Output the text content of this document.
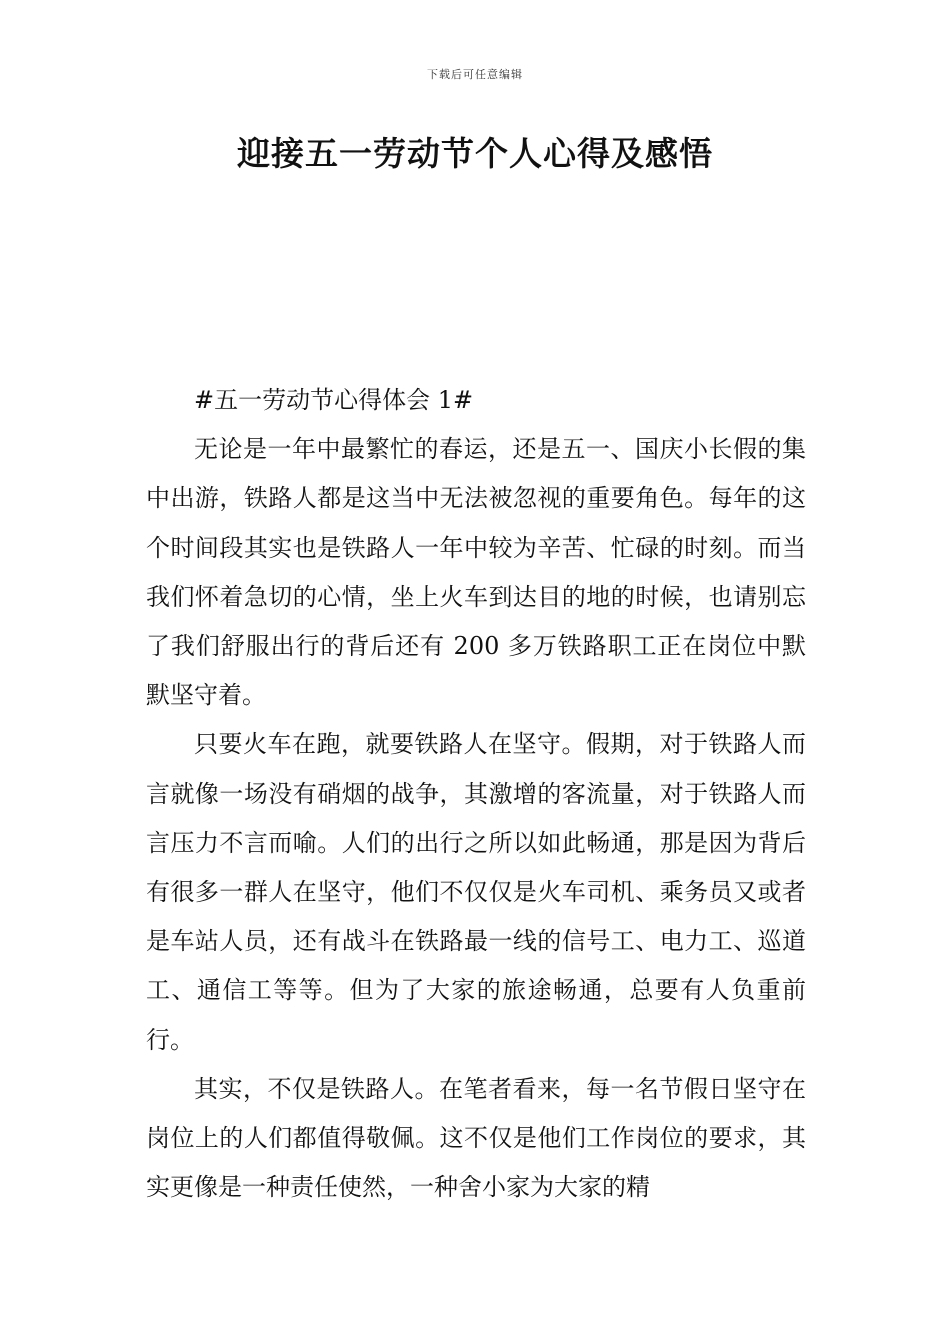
下载后可任意编辑
迎接五一劳动节个人心得及感悟

#五一劳动节心得体会 1#

无论是一年中最繁忙的春运，还是五一、国庆小长假的集中出游，铁路人都是这当中无法被忽视的重要角色。每年的这个时间段其实也是铁路人一年中较为辛苦、忙碌的时刻。而当我们怀着急切的心情，坐上火车到达目的地的时候，也请别忘了我们舒服出行的背后还有 200 多万铁路职工正在岗位中默默坚守着。

只要火车在跑，就要铁路人在坚守。假期，对于铁路人而言就像一场没有硝烟的战争，其激增的客流量，对于铁路人而言压力不言而喻。人们的出行之所以如此畅通，那是因为背后有很多一群人在坚守，他们不仅仅是火车司机、乘务员又或者是车站人员，还有战斗在铁路最一线的信号工、电力工、巡道工、通信工等等。但为了大家的旅途畅通，总要有人负重前行。

其实，不仅是铁路人。在笔者看来，每一名节假日坚守在岗位上的人们都值得敬佩。这不仅是他们工作岗位的要求，其实更像是一种责任使然，一种舍小家为大家的精
